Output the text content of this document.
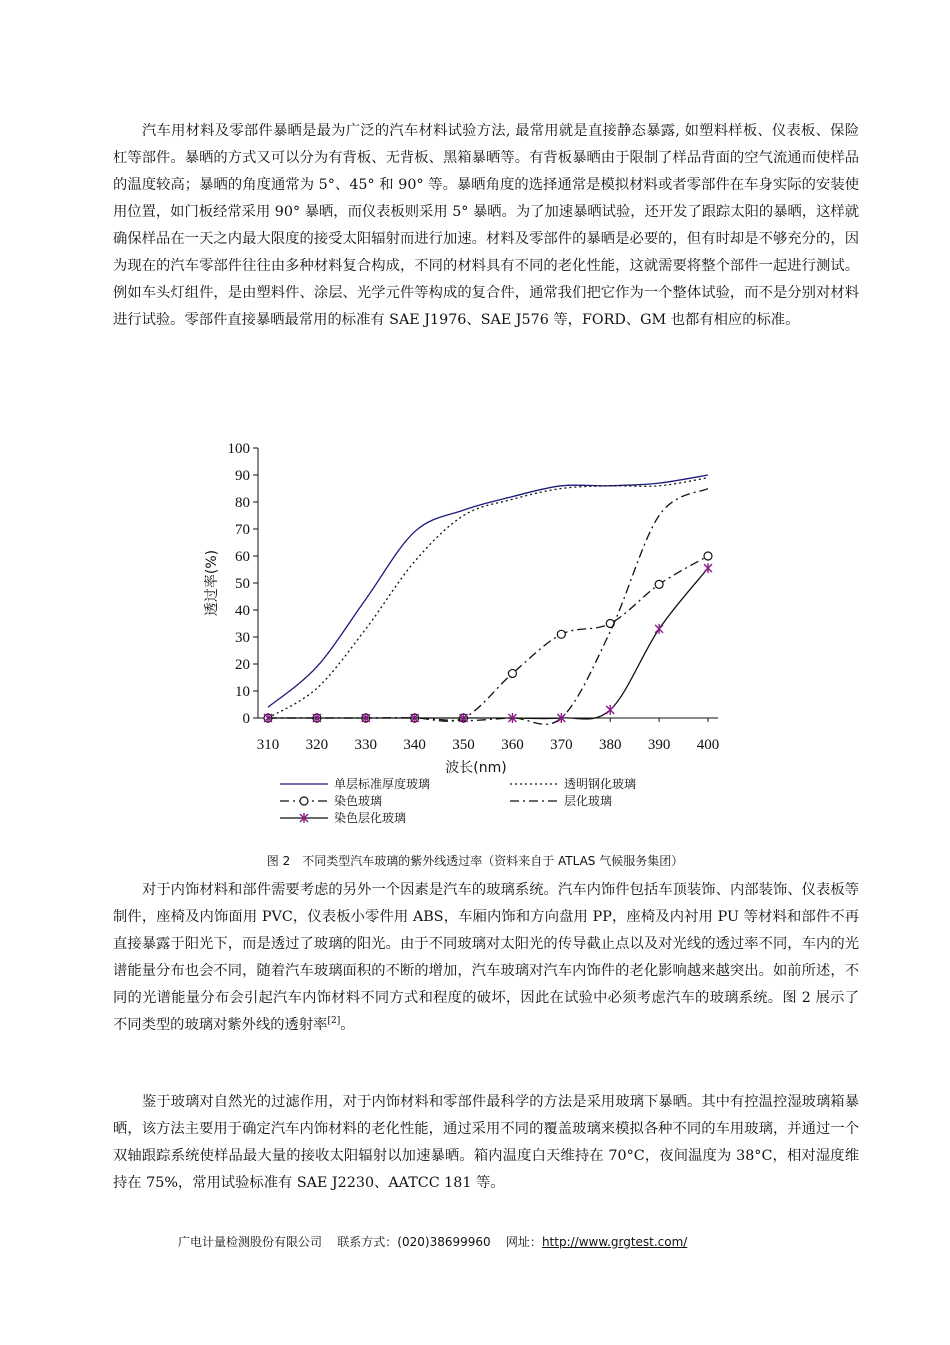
汽车用材料及零部件暴晒是最为广泛的汽车材料试验方法, 最常用就是直接静态暴露, 如塑料样板、仪表板、保险杠等部件。暴晒的方式又可以分为有背板、无背板、黑箱暴晒等。有背板暴晒由于限制了样品背面的空气流通而使样品的温度较高；暴晒的角度通常为 5°、45° 和 90° 等。暴晒角度的选择通常是模拟材料或者零部件在车身实际的安装使用位置，如门板经常采用 90° 暴晒，而仪表板则采用 5° 暴晒。为了加速暴晒试验，还开发了跟踪太阳的暴晒，这样就确保样品在一天之内最大限度的接受太阳辐射而进行加速。材料及零部件的暴晒是必要的，但有时却是不够充分的，因为现在的汽车零部件往往由多种材料复合构成，不同的材料具有不同的老化性能，这就需要将整个部件一起进行测试。例如车头灯组件，是由塑料件、涂层、光学元件等构成的复合件，通常我们把它作为一个整体试验，而不是分别对材料进行试验。零部件直接暴晒最常用的标准有 SAE J1976、SAE J576 等，FORD、GM 也都有相应的标准。

0
10
20
30
40
50
60
70
80
90
100
310 320 330 340 350 360 370 380 390 400
透过率(%)
波长(nm)
单层标准厚度玻璃	透明钢化玻璃
染色玻璃	层化玻璃
染色层化玻璃

图 2　不同类型汽车玻璃的紫外线透过率（资料来自于 ATLAS 气候服务集团）

对于内饰材料和部件需要考虑的另外一个因素是汽车的玻璃系统。汽车内饰件包括车顶装饰、内部装饰、仪表板等制件，座椅及内饰面用 PVC，仪表板小零件用 ABS，车厢内饰和方向盘用 PP，座椅及内衬用 PU 等材料和部件不再直接暴露于阳光下，而是透过了玻璃的阳光。由于不同玻璃对太阳光的传导截止点以及对光线的透过率不同，车内的光谱能量分布也会不同，随着汽车玻璃面积的不断的增加，汽车玻璃对汽车内饰件的老化影响越来越突出。如前所述，不同的光谱能量分布会引起汽车内饰材料不同方式和程度的破坏，因此在试验中必须考虑汽车的玻璃系统。图 2 展示了不同类型的玻璃对紫外线的透射率[2]。

鉴于玻璃对自然光的过滤作用，对于内饰材料和零部件最科学的方法是采用玻璃下暴晒。其中有控温控湿玻璃箱暴晒，该方法主要用于确定汽车内饰材料的老化性能，通过采用不同的覆盖玻璃来模拟各种不同的车用玻璃，并通过一个双轴跟踪系统使样品最大量的接收太阳辐射以加速暴晒。箱内温度白天维持在 70°C，夜间温度为 38°C，相对湿度维持在 75%，常用试验标准有 SAE J2230、AATCC 181 等。

广电计量检测股份有限公司 联系方式：(020)38699960 网址：http://www.grgtest.com/
